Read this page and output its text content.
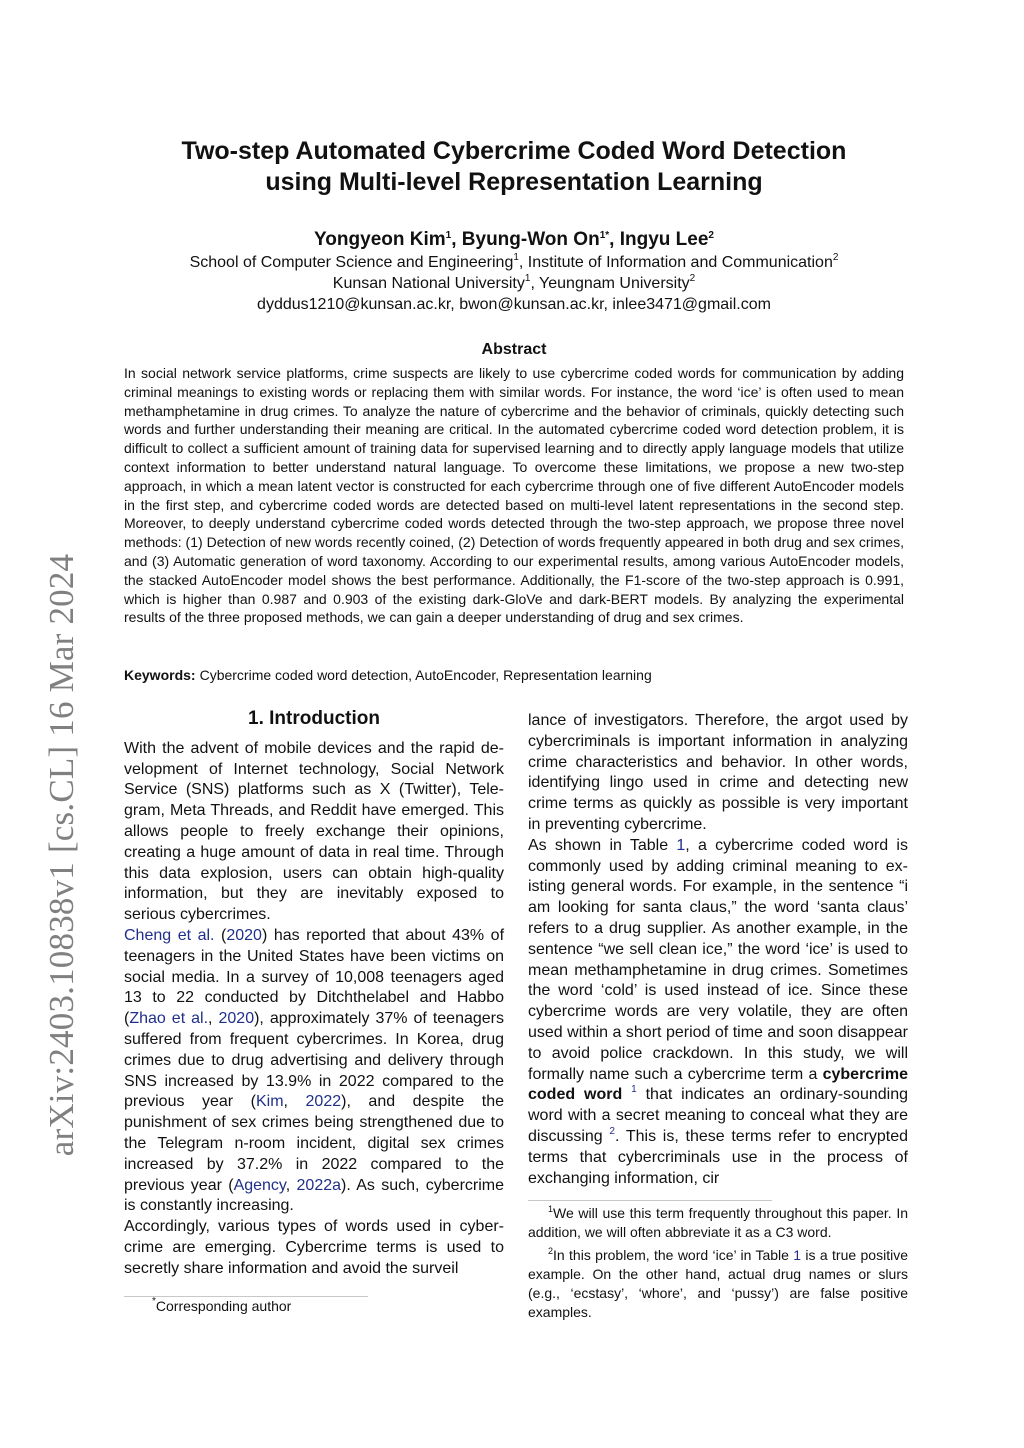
arXiv:2403.10838v1 [cs.CL] 16 Mar 2024
Two-step Automated Cybercrime Coded Word Detection
using Multi-level Representation Learning
Yongyeon Kim$^1$, Byung-Won $On^{1*}$, Ingyu Lee$^2$
School of Computer Science and Engineering$^1$, Institute of Information and Communication$^2$
Kunsan National University$^1$, Yeungnam University$^2$
dyddus1210@kunsan.ac.kr, bwon@kunsan.ac.kr, inlee3471@gmail.com
Abstract
In social network service platforms, crime suspects are likely to use cybercrime coded words for communication by adding criminal meanings to existing words or replacing them with similar words. For instance, the word ‘ice’ is often used to mean methamphetamine in drug crimes. To analyze the nature of cybercrime and the behavior of criminals, quickly detecting such words and further understanding their meaning are critical. In the automated cybercrime coded word detection problem, it is difficult to collect a sufficient amount of training data for supervised learning and to directly apply language models that utilize context information to better understand natural language. To overcome these limitations, we propose a new two-step approach, in which a mean latent vector is constructed for each cybercrime through one of five different AutoEncoder models in the first step, and cybercrime coded words are detected based on multi-level latent representations in the second step. Moreover, to deeply understand cybercrime coded words detected through the two-step approach, we propose three novel methods: (1) Detection of new words recently coined, (2) Detection of words frequently appeared in both drug and sex crimes, and (3) Automatic generation of word taxonomy. According to our experimental results, among various AutoEncoder models, the stacked AutoEncoder model shows the best performance. Additionally, the F1-score of the two-step approach is 0.991, which is higher than 0.987 and 0.903 of the existing dark-GloVe and dark-BERT models. By analyzing the experimental results of the three proposed methods, we can gain a deeper understanding of drug and sex crimes.
Keywords: Cybercrime coded word detection, AutoEncoder, Representation learning
1. Introduction

With the advent of mobile devices and the rapid development of Internet technology, Social Network Service (SNS) platforms such as X (Twitter), Telegram, Meta Threads, and Reddit have emerged. This allows people to freely exchange their opinions, creating a huge amount of data in real time. Through this data explosion, users can obtain high-quality information, but they are inevitably exposed to serious cybercrimes.

Cheng et al. (2020) has reported that about 43% of teenagers in the United States have been victims on social media. In a survey of 10,008 teenagers aged 13 to 22 conducted by Ditchthelabel and Habbo (Zhao et al., 2020), approximately 37% of teenagers suffered from frequent cybercrimes. In Korea, drug crimes due to drug advertising and delivery through SNS increased by 13.9% in 2022 compared to the previous year (Kim, 2022), and despite the punishment of sex crimes being strengthened due to the Telegram n-room incident, digital sex crimes increased by 37.2% in 2022 compared to the previous year (Agency, 2022a). As such, cybercrime is constantly increasing.

Accordingly, various types of words used in cybercrime are emerging. Cybercrime terms is used to secretly share information and avoid the surveil

lance of investigators. Therefore, the argot used by cybercriminals is important information in analyzing crime characteristics and behavior. In other words, identifying lingo used in crime and detecting new crime terms as quickly as possible is very important in preventing cybercrime.

As shown in Table 1, a cybercrime coded word is commonly used by adding criminal meaning to existing general words. For example, in the sentence “i am looking for santa claus,” the word ‘santa claus’ refers to a drug supplier. As another example, in the sentence “we sell clean ice,” the word ‘ice’ is used to mean methamphetamine in drug crimes. Sometimes the word ‘cold’ is used instead of ice. Since these cybercrime words are very volatile, they are often used within a short period of time and soon disappear to avoid police crackdown. In this study, we will formally name such a cybercrime term a cybercrime coded word $^1$ that indicates an ordinary-sounding word with a secret meaning to conceal what they are discussing $^2$. This is, these terms refer to encrypted terms that cybercriminals use in the process of exchanging information, cir

$^1$We will use this term frequently throughout this paper. In addition, we will often abbreviate it as a C3 word.

$^2$In this problem, the word ‘ice’ in Table 1 is a true positive example. On the other hand, actual drug names or slurs (e.g., ‘ecstasy’, ‘whore’, and ‘pussy’) are false positive examples.

*Corresponding author
